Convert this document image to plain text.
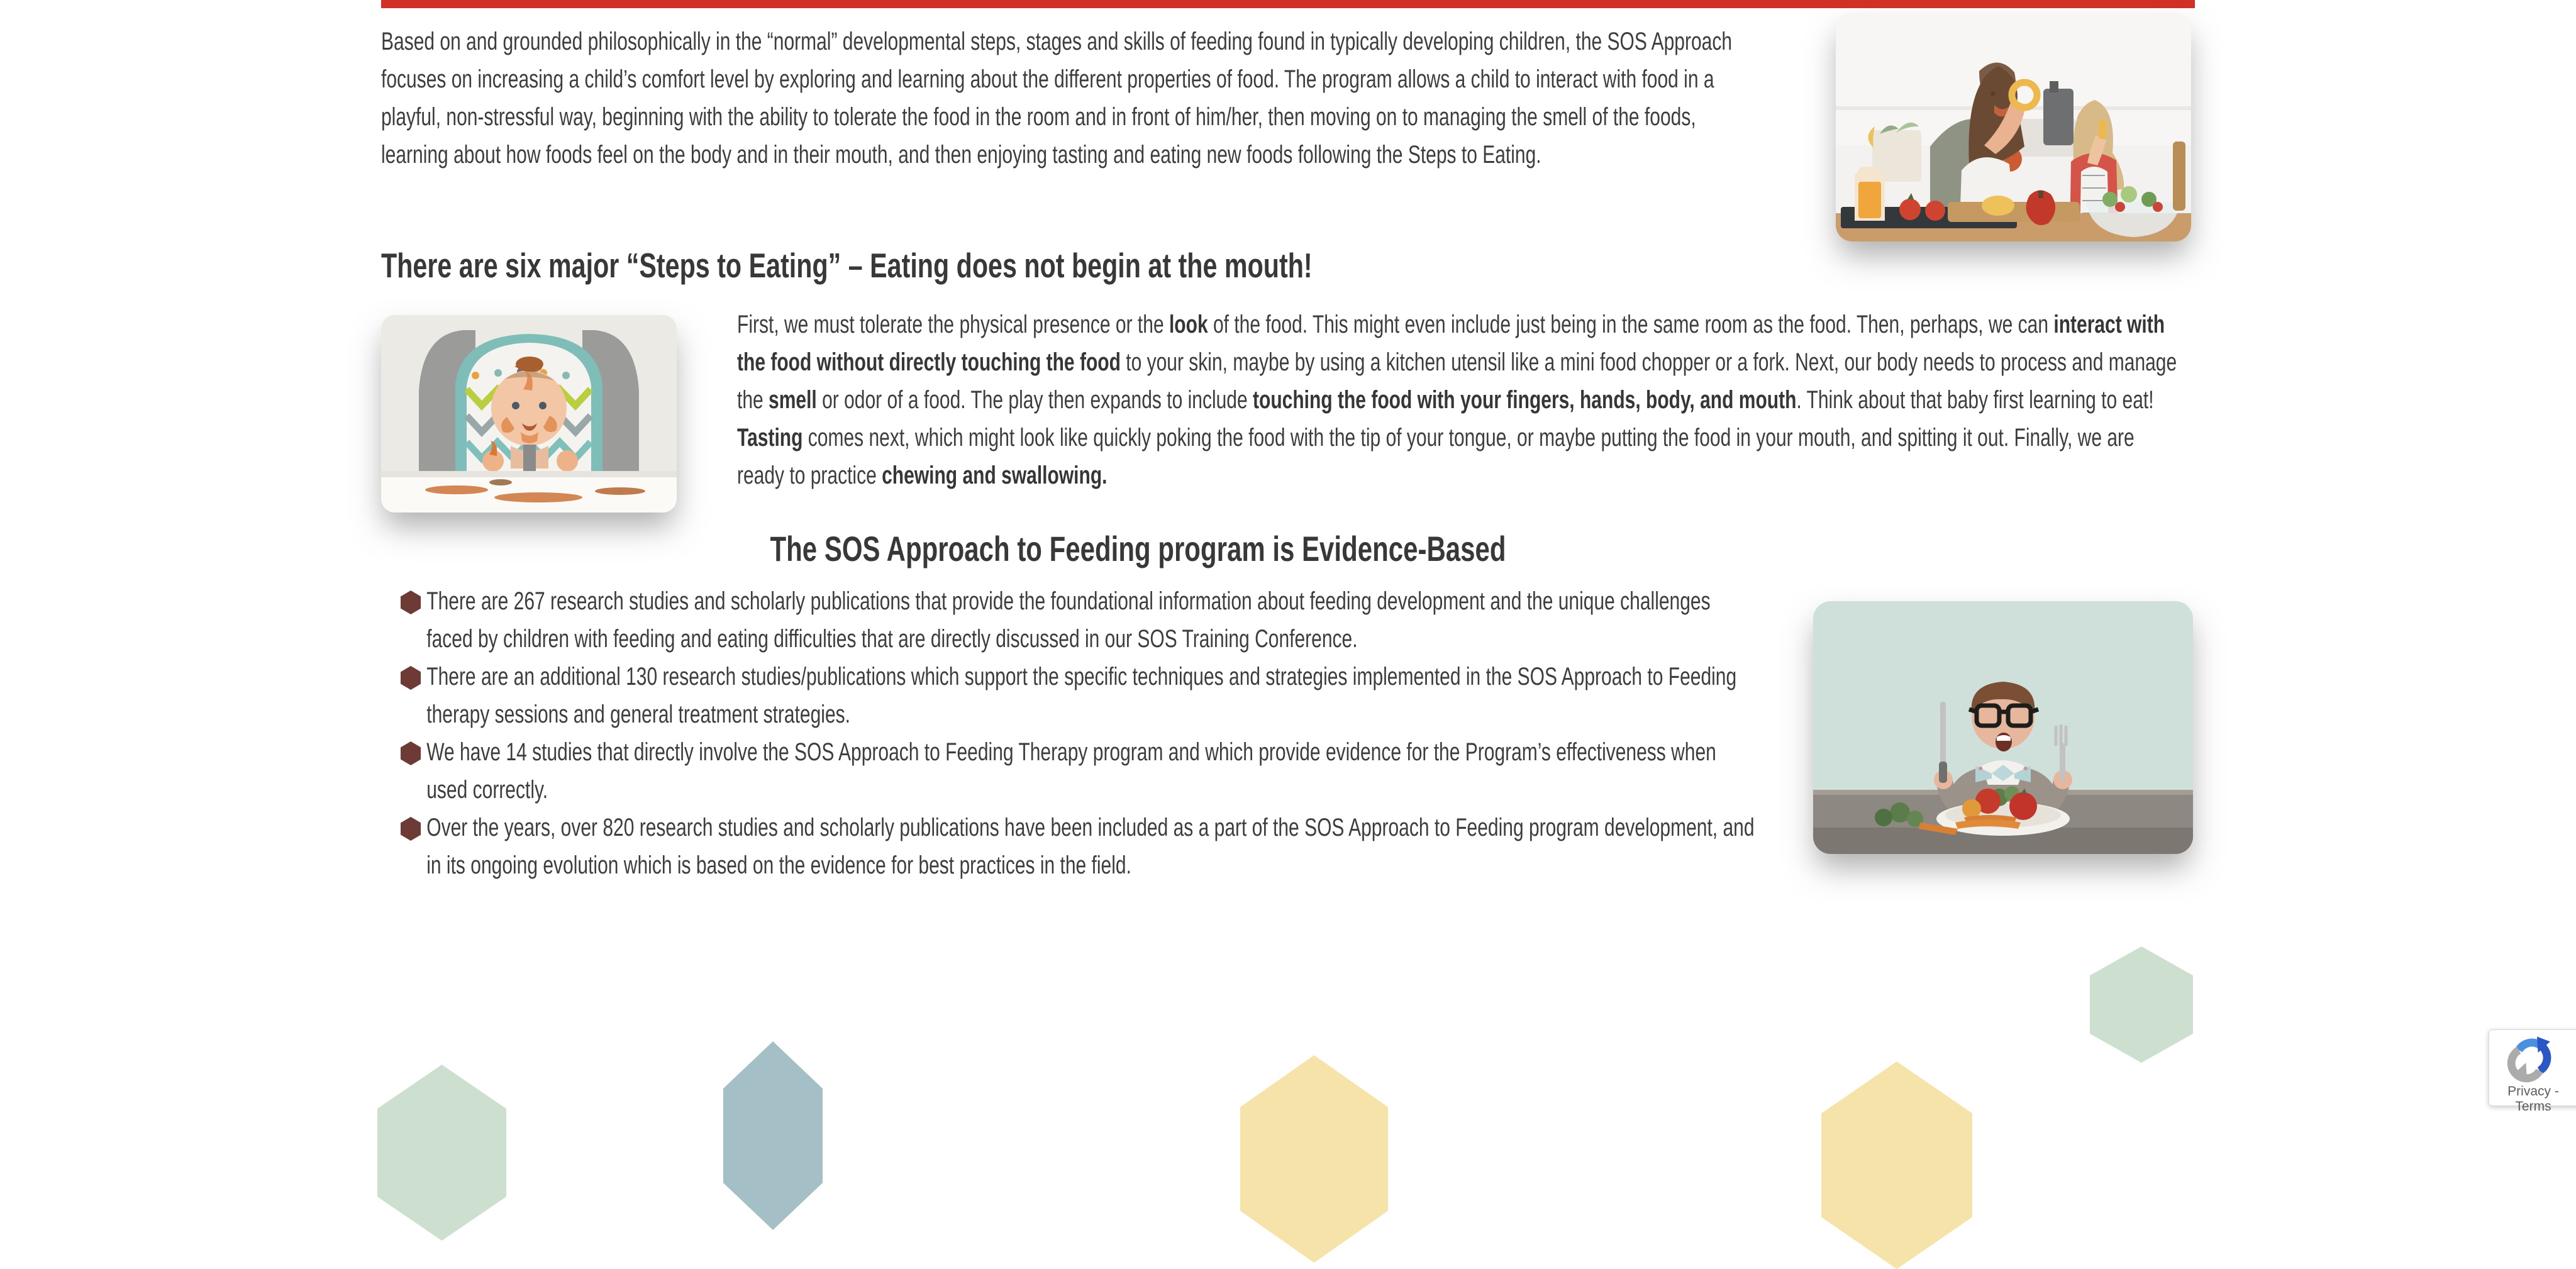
Based on and grounded philosophically in the “normal” developmental steps, stages and skills of feeding found in typically developing children, the SOS Approach focuses on increasing a child’s comfort level by exploring and learning about the different properties of food. The program allows a child to interact with food in a playful, non-stressful way, beginning with the ability to tolerate the food in the room and in front of him/her, then moving on to managing the smell of the foods, learning about how foods feel on the body and in their mouth, and then enjoying tasting and eating new foods following the Steps to Eating.

There are six major “Steps to Eating” – Eating does not begin at the mouth!

First, we must tolerate the physical presence or the look of the food. This might even include just being in the same room as the food. Then, perhaps, we can interact with the food without directly touching the food to your skin, maybe by using a kitchen utensil like a mini food chopper or a fork. Next, our body needs to process and manage the smell or odor of a food. The play then expands to include touching the food with your fingers, hands, body, and mouth. Think about that baby first learning to eat! Tasting comes next, which might look like quickly poking the food with the tip of your tongue, or maybe putting the food in your mouth, and spitting it out. Finally, we are ready to practice chewing and swallowing.

The SOS Approach to Feeding program is Evidence-Based
There are 267 research studies and scholarly publications that provide the foundational information about feeding development and the unique challenges faced by children with feeding and eating difficulties that are directly discussed in our SOS Training Conference.
There are an additional 130 research studies/publications which support the specific techniques and strategies implemented in the SOS Approach to Feeding therapy sessions and general treatment strategies.
We have 14 studies that directly involve the SOS Approach to Feeding Therapy program and which provide evidence for the Program’s effectiveness when used correctly.
Over the years, over 820 research studies and scholarly publications have been included as a part of the SOS Approach to Feeding program development, and in its ongoing evolution which is based on the evidence for best practices in the field.
Privacy - Terms
